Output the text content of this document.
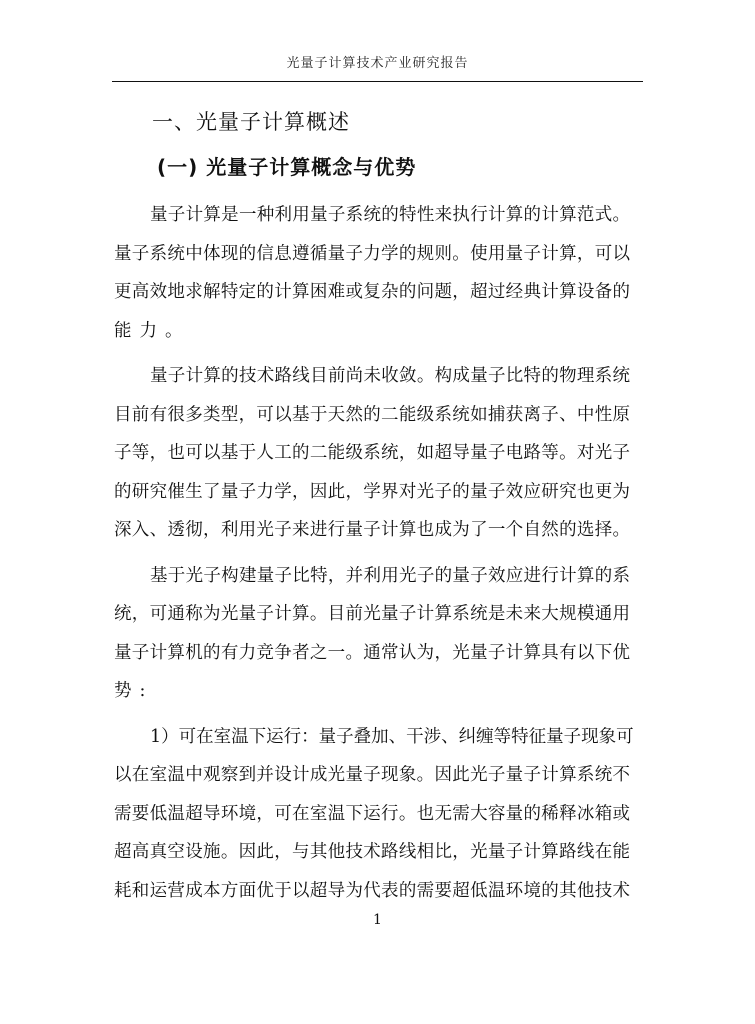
光量子计算技术产业研究报告
一、光量子计算概述
(一) 光量子计算概念与优势
量子计算是一种利用量子系统的特性来执行计算的计算范式。
量子系统中体现的信息遵循量子力学的规则。使用量子计算，可以
更高效地求解特定的计算困难或复杂的问题，超过经典计算设备的
能力。
量子计算的技术路线目前尚未收敛。构成量子比特的物理系统
目前有很多类型，可以基于天然的二能级系统如捕获离子、中性原
子等，也可以基于人工的二能级系统，如超导量子电路等。对光子
的研究催生了量子力学，因此，学界对光子的量子效应研究也更为
深入、透彻，利用光子来进行量子计算也成为了一个自然的选择。
基于光子构建量子比特，并利用光子的量子效应进行计算的系
统，可通称为光量子计算。目前光量子计算系统是未来大规模通用
量子计算机的有力竞争者之一。通常认为，光量子计算具有以下优
势:
1）可在室温下运行：量子叠加、干涉、纠缠等特征量子现象可
以在室温中观察到并设计成光量子现象。因此光子量子计算系统不
需要低温超导环境，可在室温下运行。也无需大容量的稀释冰箱或
超高真空设施。因此，与其他技术路线相比，光量子计算路线在能
耗和运营成本方面优于以超导为代表的需要超低温环境的其他技术
1
